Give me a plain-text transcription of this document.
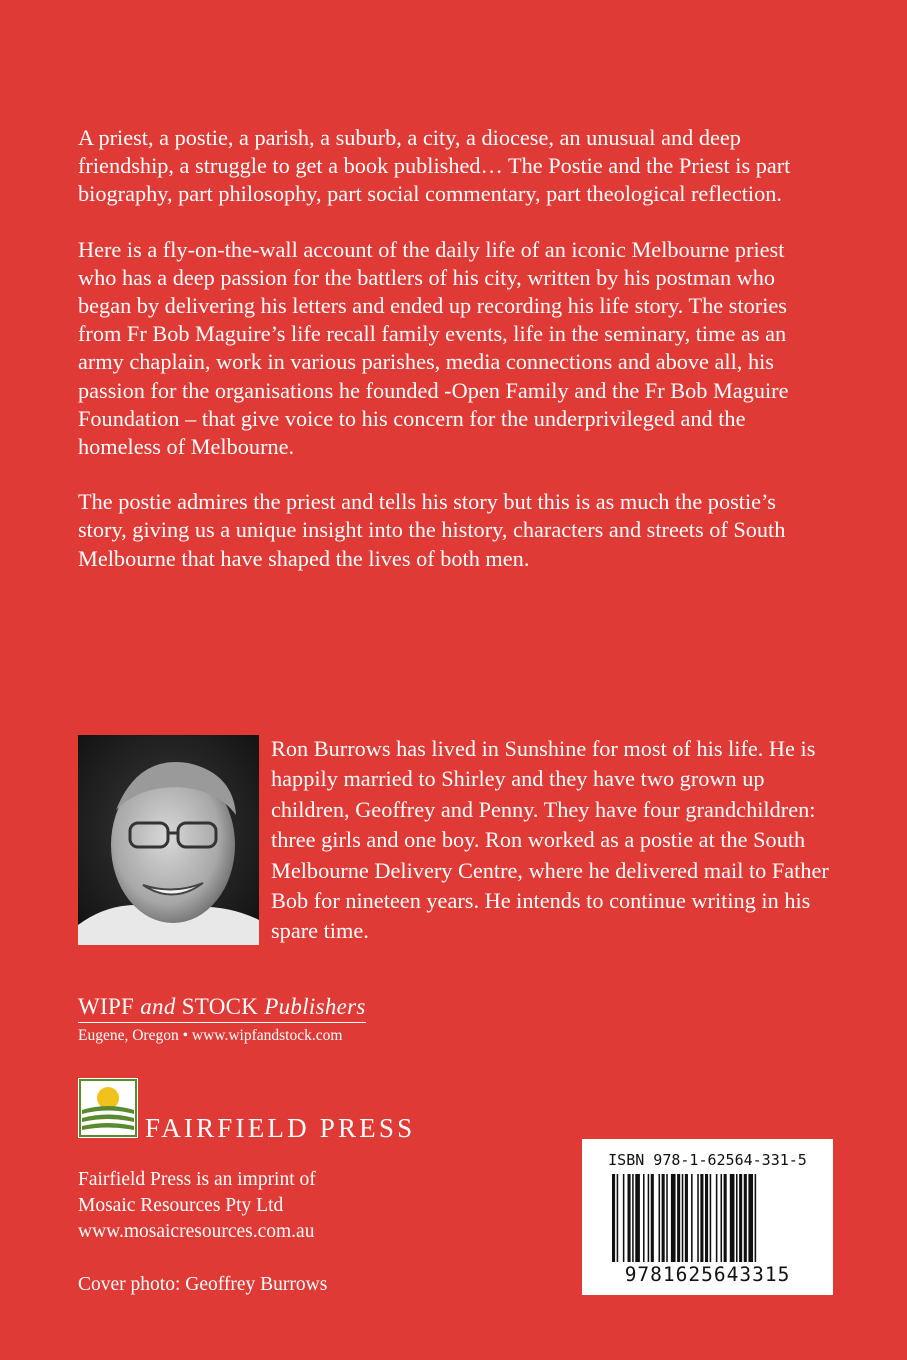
A priest, a postie, a parish, a suburb, a city, a diocese, an unusual and deep friendship, a struggle to get a book published… The Postie and the Priest is part biography, part philosophy, part social commentary, part theological reflection.

Here is a fly-on-the-wall account of the daily life of an iconic Melbourne priest who has a deep passion for the battlers of his city, written by his postman who began by delivering his letters and ended up recording his life story. The stories from Fr Bob Maguire’s life recall family events, life in the seminary, time as an army chaplain, work in various parishes, media connections and above all, his passion for the organisations he founded -Open Family and the Fr Bob Maguire Foundation – that give voice to his concern for the underprivileged and the homeless of Melbourne.

The postie admires the priest and tells his story but this is as much the postie’s story, giving us a unique insight into the history, characters and streets of South Melbourne that have shaped the lives of both men.

Ron Burrows has lived in Sunshine for most of his life. He is happily married to Shirley and they have two grown up children, Geoffrey and Penny. They have four grandchildren: three girls and one boy. Ron worked as a postie at the South Melbourne Delivery Centre, where he delivered mail to Father Bob for nineteen years. He intends to continue writing in his spare time.

WIPF and STOCK Publishers
Eugene, Oregon • www.wipfandstock.com
FAIRFIELD PRESS

Fairfield Press is an imprint of
Mosaic Resources Pty Ltd
www.mosaicresources.com.au

Cover photo: Geoffrey Burrows

ISBN 978-1-62564-331-5
9781625643315
